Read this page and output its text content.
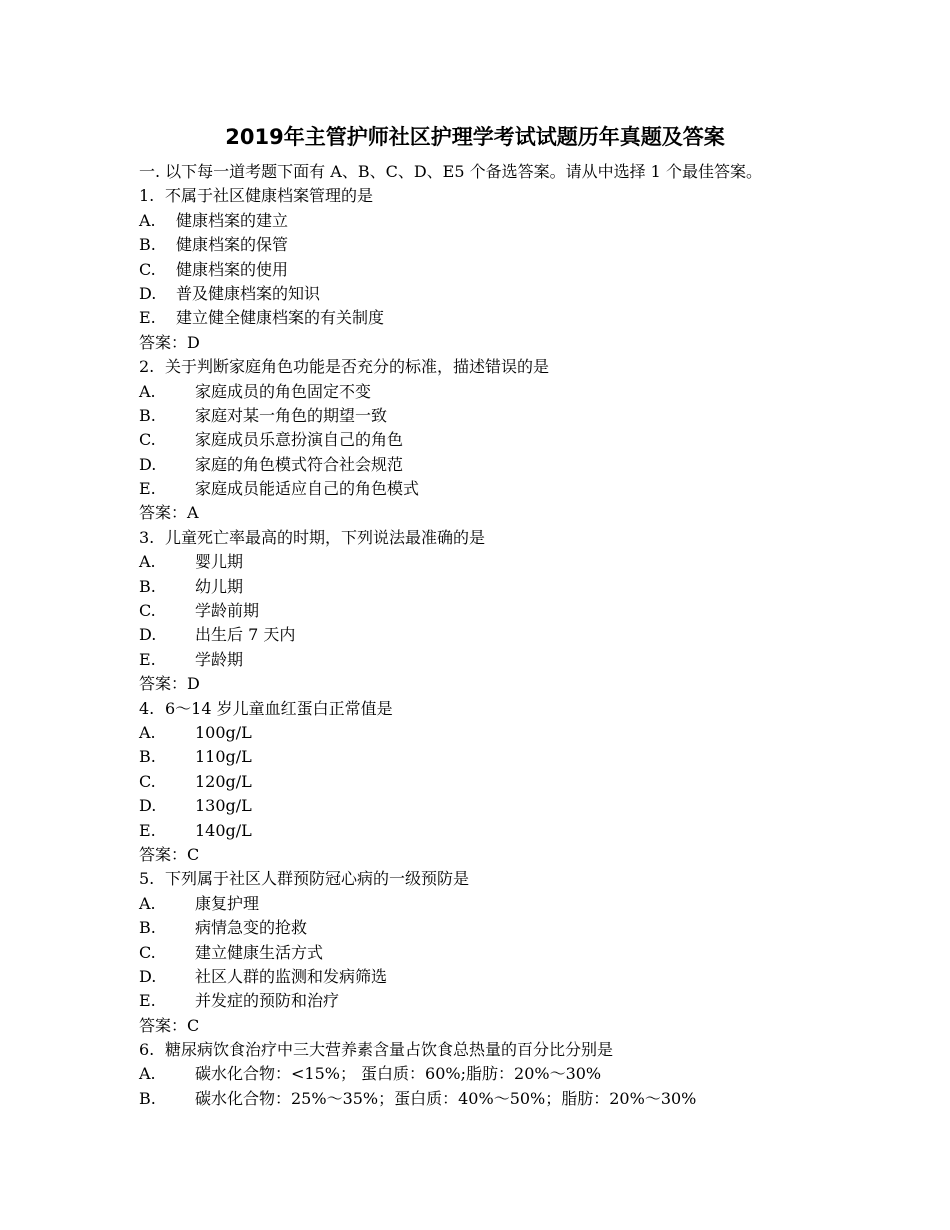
2019年主管护师社区护理学考试试题历年真题及答案
一. 以下每一道考题下面有 A、B、C、D、E5 个备选答案。请从中选择 1 个最佳答案。
1. 不属于社区健康档案管理的是
A. 健康档案的建立
B. 健康档案的保管
C. 健康档案的使用
D. 普及健康档案的知识
E. 建立健全健康档案的有关制度
答案：D
2. 关于判断家庭角色功能是否充分的标准，描述错误的是
A. 家庭成员的角色固定不变
B. 家庭对某一角色的期望一致
C. 家庭成员乐意扮演自己的角色
D. 家庭的角色模式符合社会规范
E. 家庭成员能适应自己的角色模式
答案：A
3. 儿童死亡率最高的时期，下列说法最准确的是
A. 婴儿期
B. 幼儿期
C. 学龄前期
D. 出生后 7 天内
E. 学龄期
答案：D
4. 6～14 岁儿童血红蛋白正常值是
A. 100g/L
B. 110g/L
C. 120g/L
D. 130g/L
E. 140g/L
答案：C
5. 下列属于社区人群预防冠心病的一级预防是
A. 康复护理
B. 病情急变的抢救
C. 建立健康生活方式
D. 社区人群的监测和发病筛选
E. 并发症的预防和治疗
答案：C
6. 糖尿病饮食治疗中三大营养素含量占饮食总热量的百分比分别是
A. 碳水化合物：<15%； 蛋白质：60%;脂肪：20%～30%
B. 碳水化合物：25%～35%；蛋白质：40%～50%；脂肪：20%～30%
